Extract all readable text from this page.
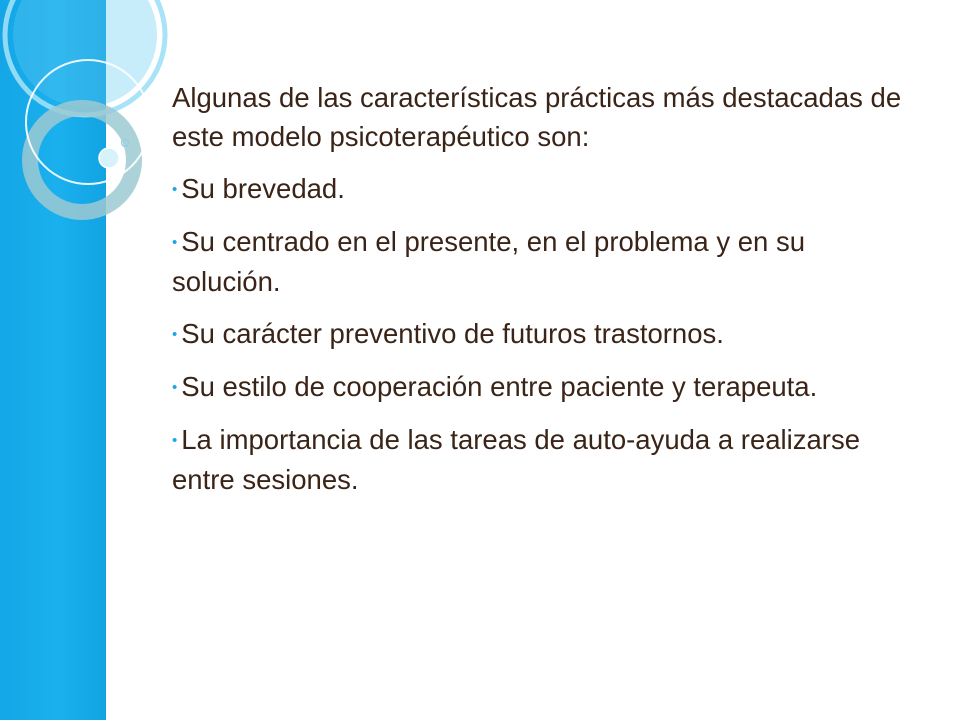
Algunas de las características prácticas más destacadas de este modelo psicoterapéutico son:

• Su brevedad.
• Su centrado en el presente, en el problema y en su solución.
• Su carácter preventivo de futuros trastornos.
• Su estilo de cooperación entre paciente y terapeuta.
• La importancia de las tareas de auto-ayuda a realizarse entre sesiones.
